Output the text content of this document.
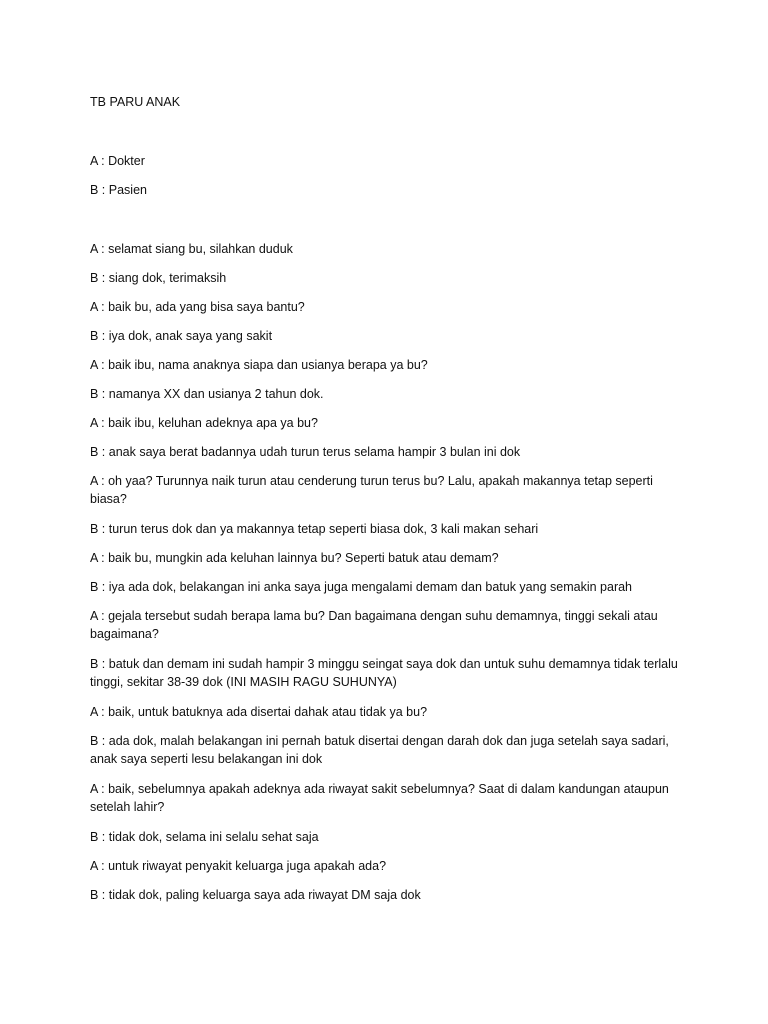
TB PARU ANAK

A : Dokter

B : Pasien

A : selamat siang bu, silahkan duduk

B : siang dok, terimaksih

A : baik bu, ada yang bisa saya bantu?

B : iya dok, anak saya yang sakit

A : baik ibu, nama anaknya siapa dan usianya berapa ya bu?

B : namanya XX dan usianya 2 tahun dok.

A : baik ibu, keluhan adeknya apa ya bu?

B : anak saya berat badannya udah turun terus selama hampir 3 bulan ini dok

A : oh yaa? Turunnya naik turun atau cenderung turun terus bu? Lalu, apakah makannya tetap seperti biasa?

B : turun terus dok dan ya makannya tetap seperti biasa dok, 3 kali makan sehari

A : baik bu, mungkin ada keluhan lainnya bu? Seperti batuk atau demam?

B : iya ada dok, belakangan ini anka saya juga mengalami demam dan batuk yang semakin parah

A : gejala tersebut sudah berapa lama bu? Dan bagaimana dengan suhu demamnya, tinggi sekali atau bagaimana?

B : batuk dan demam ini sudah hampir 3 minggu seingat saya dok dan untuk suhu demamnya tidak terlalu tinggi, sekitar 38-39 dok (INI MASIH RAGU SUHUNYA)

A : baik, untuk batuknya ada disertai dahak atau tidak ya bu?

B : ada dok, malah belakangan ini pernah batuk disertai dengan darah dok dan juga setelah saya sadari, anak saya seperti lesu belakangan ini dok

A : baik, sebelumnya apakah adeknya ada riwayat sakit sebelumnya? Saat di dalam kandungan ataupun setelah lahir?

B : tidak dok, selama ini selalu sehat saja

A : untuk riwayat penyakit keluarga juga apakah ada?

B : tidak dok, paling keluarga saya ada riwayat DM saja dok
